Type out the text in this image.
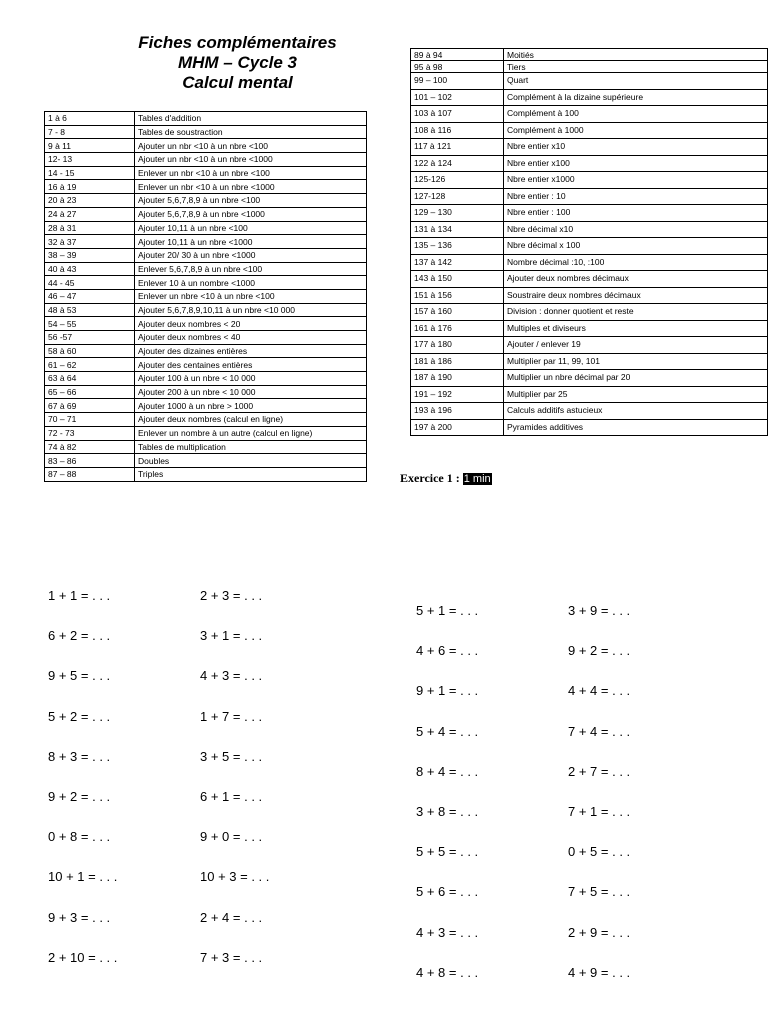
Fiches complémentaires
MHM – Cycle 3
Calcul mental
1 à 6	Tables d'addition
7 - 8	Tables de soustraction
9 à 11	Ajouter un nbr <10 à un nbre <100
12- 13	Ajouter un nbr <10 à un nbre <1000
14 - 15	Enlever un nbr <10 à un nbre <100
16 à 19	Enlever un nbr <10 à un nbre <1000
20 à 23	Ajouter 5,6,7,8,9 à un nbre <100
24 à 27	Ajouter 5,6,7,8,9 à un nbre <1000
28 à 31	Ajouter 10,11 à un nbre <100
32 à 37	Ajouter 10,11 à un nbre <1000
38 – 39	Ajouter 20/ 30 à un nbre <1000
40 à 43	Enlever 5,6,7,8,9 à un nbre <100
44 - 45	Enlever 10 à un nombre <1000
46 – 47	Enlever un nbre <10 à un nbre <100
48 à 53	Ajouter 5,6,7,8,9,10,11 à un nbre <10 000
54 – 55	Ajouter deux nombres < 20
56 -57	Ajouter deux nombres < 40
58 à 60	Ajouter des dizaines entières
61 – 62	Ajouter des centaines entières
63 à 64	Ajouter 100 à un nbre < 10 000
65 – 66	Ajouter 200 à un nbre < 10 000
67 à 69	Ajouter 1000 à un nbre > 1000
70 – 71	Ajouter deux nombres (calcul en ligne)
72 - 73	Enlever un nombre à un autre (calcul en ligne)
74 à 82	Tables de multiplication
83 – 86	Doubles
87 – 88	Triples
89 à 94	Moitiés
95 à 98	Tiers
99 – 100	Quart
101 – 102	Complément à la dizaine supérieure
103 à 107	Complément à 100
108 à 116	Complément à 1000
117 à 121	Nbre entier x10
122 à 124	Nbre entier x100
125-126	Nbre entier x1000
127-128	Nbre entier : 10
129 – 130	Nbre entier : 100
131 à 134	Nbre décimal x10
135 – 136	Nbre décimal x 100
137 à 142	Nombre décimal :10, :100
143 à 150	Ajouter deux nombres décimaux
151 à 156	Soustraire deux nombres décimaux
157 à 160	Division : donner quotient et reste
161 à 176	Multiples et diviseurs
177 à 180	Ajouter / enlever 19
181 à 186	Multiplier par 11, 99, 101
187 à 190	Multiplier un nbre décimal par 20
191 – 192	Multiplier par 25
193 à 196	Calculs additifs astucieux
197 à 200	Pyramides additives
Exercice 1 : 1 min
1 + 1 = . . .
6 + 2 = . . .
9 + 5 = . . .
5 + 2 = . . .
8 + 3 = . . .
9 + 2 = . . .
0 + 8 = . . .
10 + 1 = . . .
9 + 3 = . . .
2 + 10 = . . .
2 + 3 = . . .
3 + 1 = . . .
4 + 3 = . . .
1 + 7 = . . .
3 + 5 = . . .
6 + 1 = . . .
9 + 0 = . . .
10 + 3 = . . .
2 + 4 = . . .
7 + 3 = . . .
5 + 1 = . . .
4 + 6 = . . .
9 + 1 = . . .
5 + 4 = . . .
8 + 4 = . . .
3 + 8 = . . .
5 + 5 = . . .
5 + 6 = . . .
4 + 3 = . . .
4 + 8 = . . .
3 + 9 = . . .
9 + 2 = . . .
4 + 4 = . . .
7 + 4 = . . .
2 + 7 = . . .
7 + 1 = . . .
0 + 5 = . . .
7 + 5 = . . .
2 + 9 = . . .
4 + 9 = . . .
